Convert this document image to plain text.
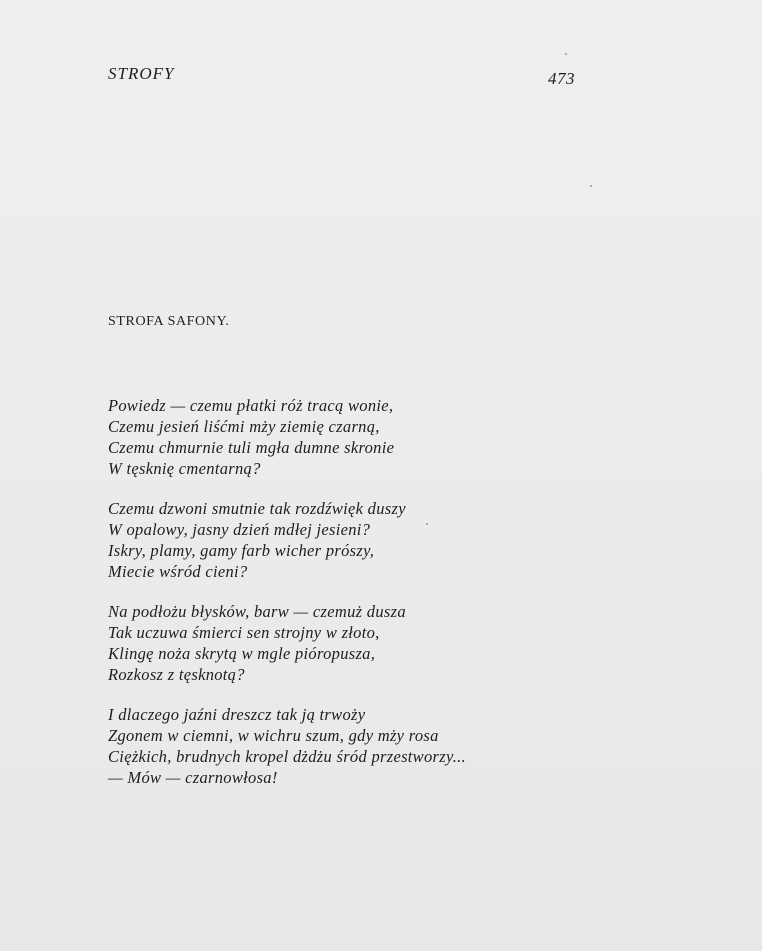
STROFY	473
STROFA SAFONY.
Powiedz — czemu płatki róż tracą wonie,
Czemu jesień liśćmi mży ziemię czarną,
Czemu chmurnie tuli mgła dumne skronie
W tęsknię cmentarną?
Czemu dzwoni smutnie tak rozdźwięk duszy
W opalowy, jasny dzień mdłej jesieni?
Iskry, plamy, gamy farb wicher prószy,
Miecie wśród cieni?
Na podłożu błysków, barw — czemuż dusza
Tak uczuwa śmierci sen strojny w złoto,
Klingę noża skrytą w mgle pióropusza,
Rozkosz z tęsknotą?
I dlaczego jaźni dreszcz tak ją trwoży
Zgonem w ciemni, w wichru szum, gdy mży rosa
Ciężkich, brudnych kropel dżdżu śród przestworzy...
— Mów — czarnowłosa!
